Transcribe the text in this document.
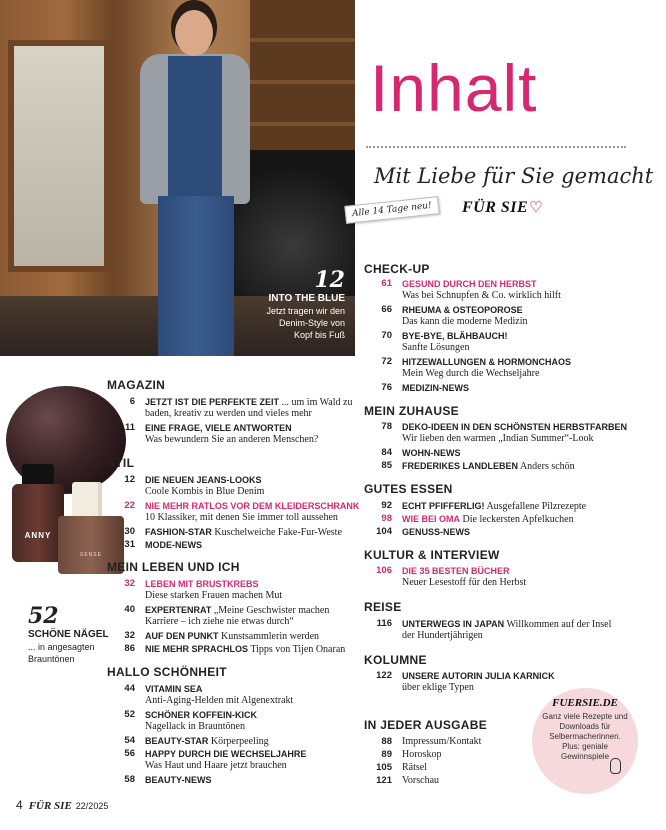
12
INTO THE BLUE
Jetzt tragen wir den
Denim-Style von
Kopf bis Fuß
Inhalt
Mit Liebe für Sie gemacht
FÜR SIE♡
Alle 14 Tage neu!
ANNY
SENSE
52
SCHÖNE NÄGEL
... in angesagten
Brauntönen
MAGAZIN
6 JETZT IST DIE PERFEKTE ZEIT ... um im Wald zu
baden, kreativ zu werden und vieles mehr
11 EINE FRAGE, VIELE ANTWORTEN
Was bewundern Sie an anderen Menschen?
STIL
12 DIE NEUEN JEANS-LOOKS
Coole Kombis in Blue Denim
22 NIE MEHR RATLOS VOR DEM KLEIDERSCHRANK
10 Klassiker, mit denen Sie immer toll aussehen
30 FASHION-STAR Kuschelweiche Fake-Fur-Weste
31 MODE-NEWS
MEIN LEBEN UND ICH
32 LEBEN MIT BRUSTKREBS
Diese starken Frauen machen Mut
40 EXPERTENRAT „Meine Geschwister machen
Karriere – ich ziehe nie etwas durch“
32 AUF DEN PUNKT Kunstsammlerin werden
86 NIE MEHR SPRACHLOS Tipps von Tijen Onaran
HALLO SCHÖNHEIT
44 VITAMIN SEA
Anti-Aging-Helden mit Algenextrakt
52 SCHÖNER KOFFEIN-KICK
Nagellack in Brauntönen
54 BEAUTY-STAR Körperpeeling
56 HAPPY DURCH DIE WECHSELJAHRE
Was Haut und Haare jetzt brauchen
58 BEAUTY-NEWS
CHECK-UP
61 GESUND DURCH DEN HERBST
Was bei Schnupfen & Co. wirklich hilft
66 RHEUMA & OSTEOPOROSE
Das kann die moderne Medizin
70 BYE-BYE, BLÄHBAUCH!
Sanfte Lösungen
72 HITZEWALLUNGEN & HORMONCHAOS
Mein Weg durch die Wechseljahre
76 MEDIZIN-NEWS
MEIN ZUHAUSE
78 DEKO-IDEEN IN DEN SCHÖNSTEN HERBSTFARBEN
Wir lieben den warmen „Indian Summer“-Look
84 WOHN-NEWS
85 FREDERIKES LANDLEBEN Anders schön
GUTES ESSEN
92 ECHT PFIFFERLIG! Ausgefallene Pilzrezepte
98 WIE BEI OMA Die leckersten Apfelkuchen
104 GENUSS-NEWS
KULTUR & INTERVIEW
106 DIE 35 BESTEN BÜCHER
Neuer Lesestoff für den Herbst
REISE
116 UNTERWEGS IN JAPAN Willkommen auf der Insel
der Hundertjährigen
KOLUMNE
122 UNSERE AUTORIN JULIA KARNICK
über eklige Typen
IN JEDER AUSGABE
88 Impressum/Kontakt
89 Horoskop
105 Rätsel
121 Vorschau
FUERSIE.DE
Ganz viele Rezepte und Downloads für Selbermacherinnen. Plus: geniale Gewinnspiele
4 FÜR SIE 22/2025
